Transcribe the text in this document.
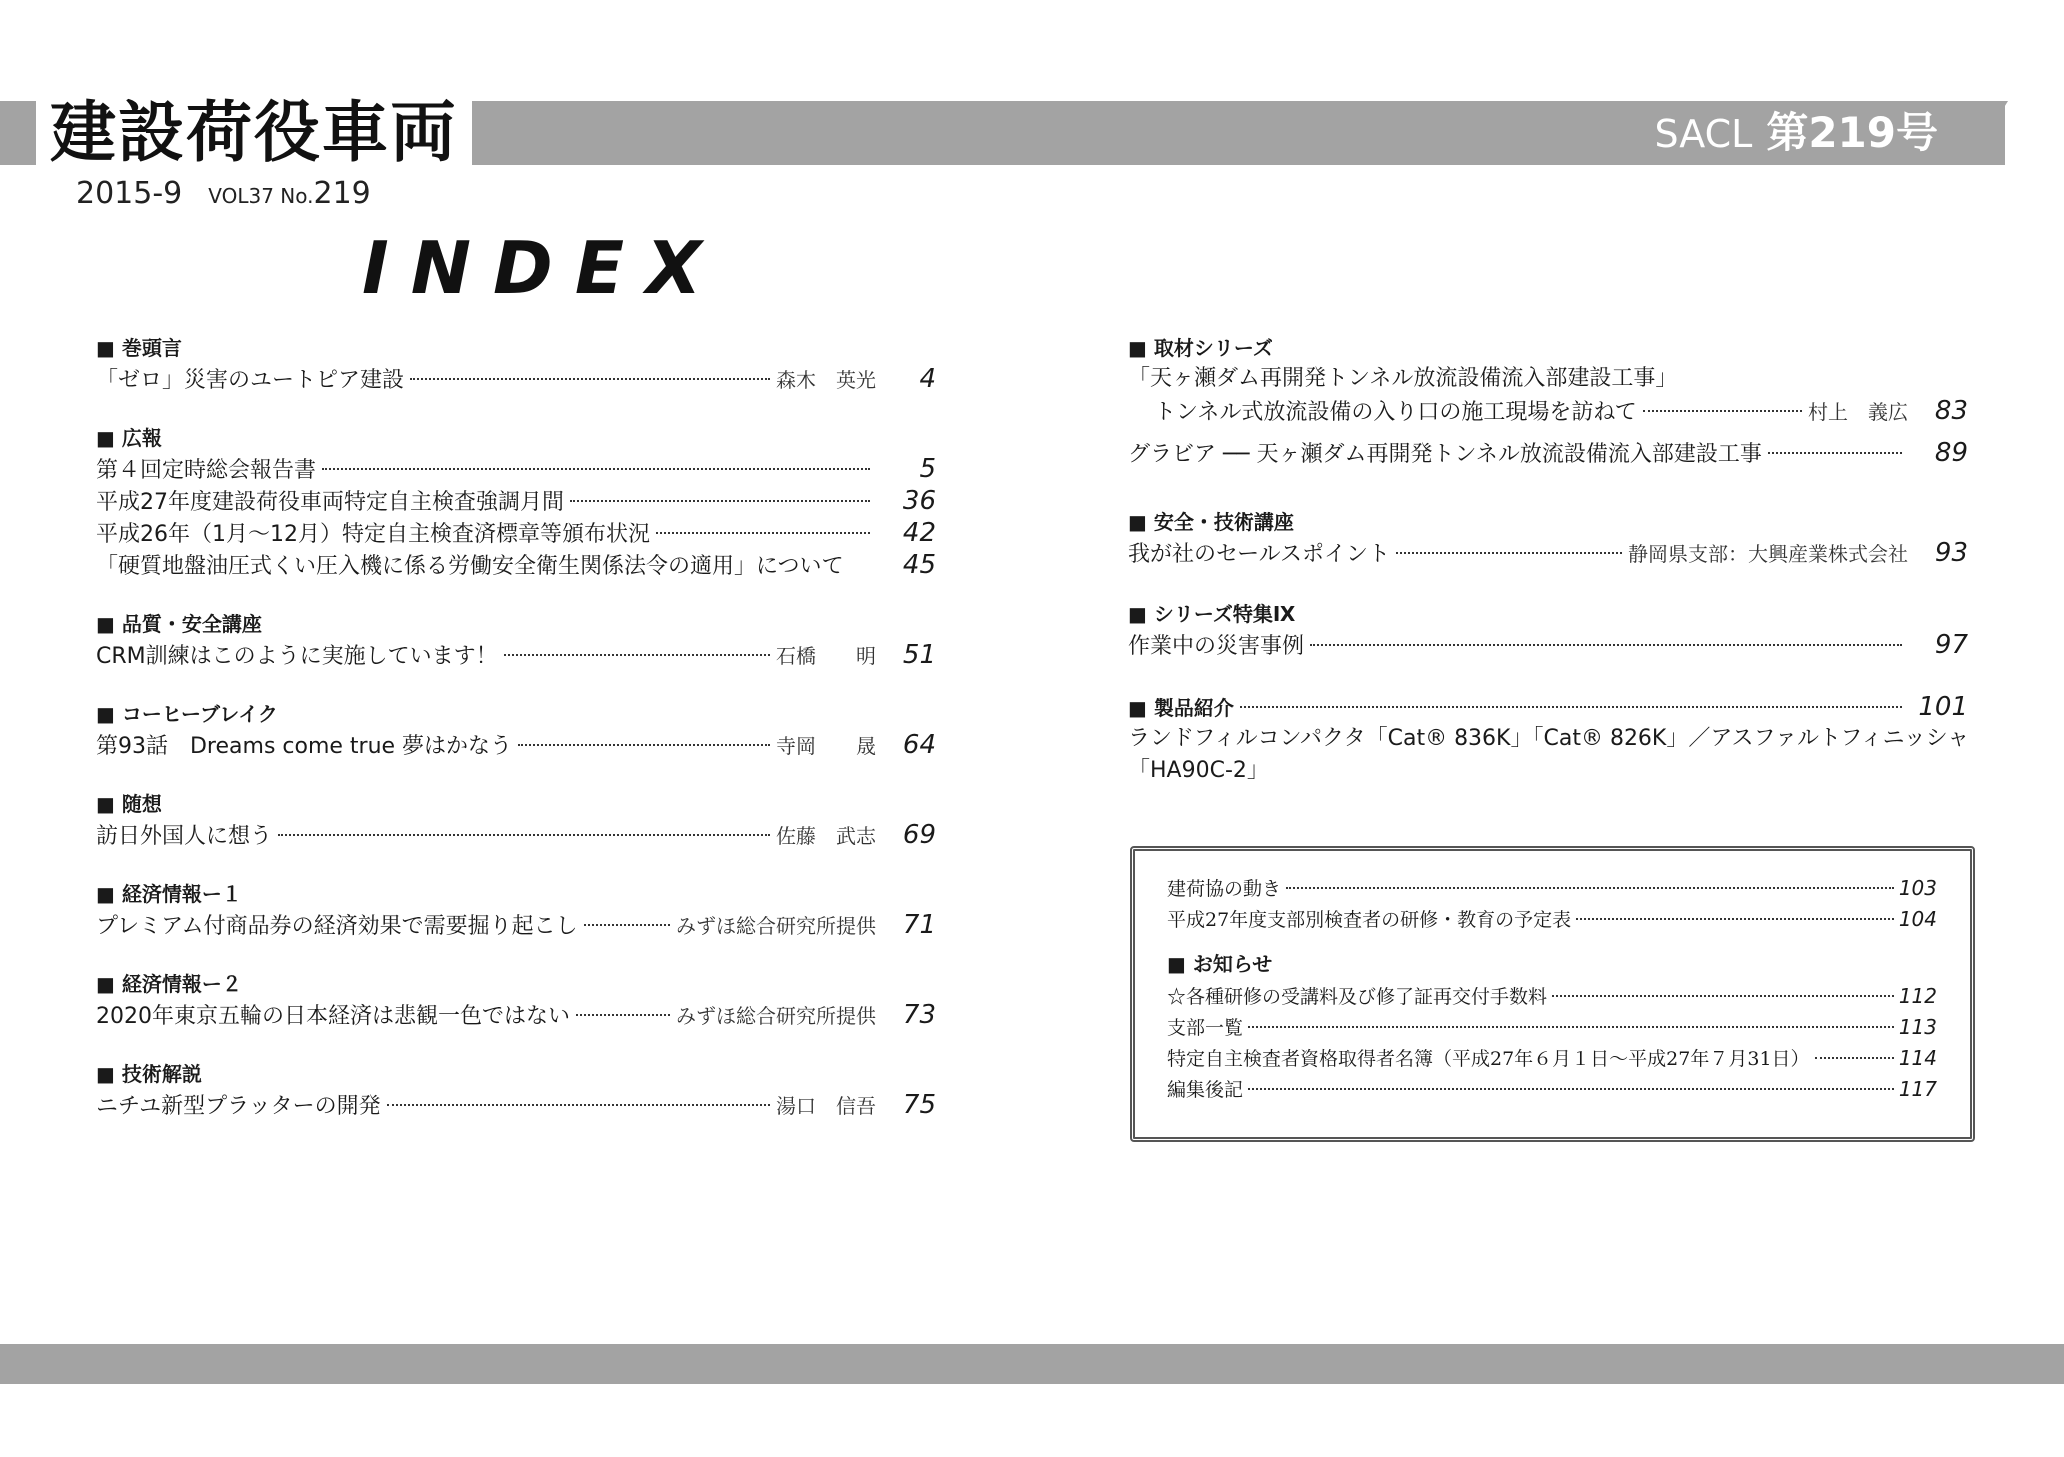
建設荷役車両	SACL 第219号
2015-9 VOL37 No.219
INDEX
■ 巻頭言
「ゼロ」災害のユートピア建設	森木　英光	4
■ 広報
第４回定時総会報告書	5
平成27年度建設荷役車両特定自主検査強調月間	36
平成26年（1月〜12月）特定自主検査済標章等頒布状況	42
「硬質地盤油圧式くい圧入機に係る労働安全衛生関係法令の適用」について	45
■ 品質・安全講座
CRM訓練はこのように実施しています！	石橋　　明	51
■ コーヒーブレイク
第93話　Dreams come true 夢はかなう	寺岡　　晟	64
■ 随想
訪日外国人に想う	佐藤　武志	69
■ 経済情報ー１
プレミアム付商品券の経済効果で需要掘り起こし	みずほ総合研究所提供	71
■ 経済情報ー２
2020年東京五輪の日本経済は悲観一色ではない	みずほ総合研究所提供	73
■ 技術解説
ニチユ新型プラッターの開発	湯口　信吾	75
■ 取材シリーズ
「天ヶ瀬ダム再開発トンネル放流設備流入部建設工事」
トンネル式放流設備の入り口の施工現場を訪ねて	村上　義広	83
グラビア ── 天ヶ瀬ダム再開発トンネル放流設備流入部建設工事	89
■ 安全・技術講座
我が社のセールスポイント	静岡県支部：大興産業株式会社	93
■ シリーズ特集Ⅸ
作業中の災害事例	97
■ 製品紹介	101
ランドフィルコンパクタ「Cat® 836K」「Cat® 826K」／アスファルトフィニッシャ
「HA90C-2」
建荷協の動き	103
平成27年度支部別検査者の研修・教育の予定表	104
■ お知らせ
☆各種研修の受講料及び修了証再交付手数料	112
支部一覧	113
特定自主検査者資格取得者名簿（平成27年６月１日〜平成27年７月31日）	114
編集後記	117
